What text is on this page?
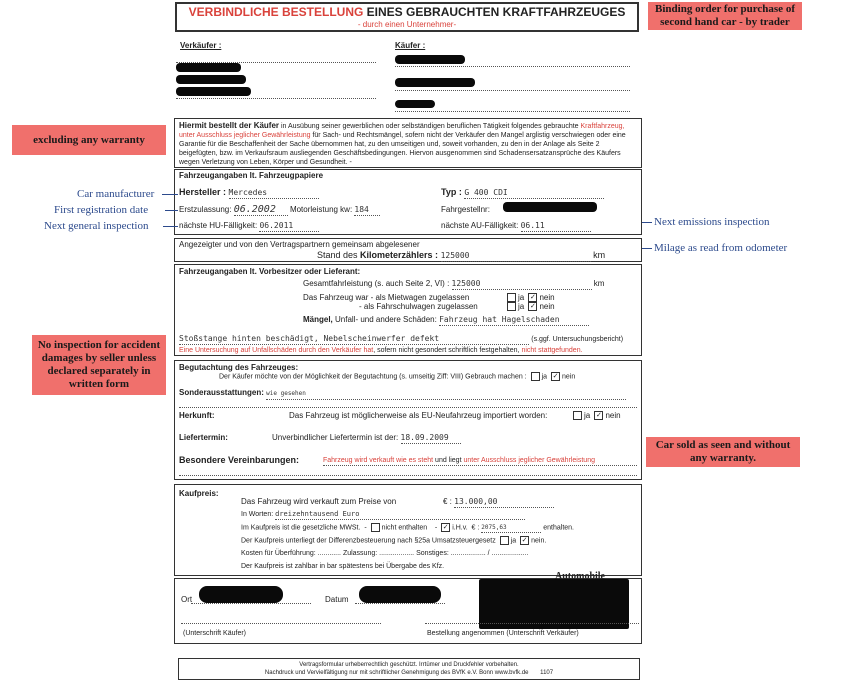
VERBINDLICHE BESTELLUNG EINES GEBRAUCHTEN KRAFTFAHRZEUGES
- durch einen Unternehmer-
Verkäufer :	Käufer :
Hiermit bestellt der Käufer in Ausübung seiner gewerblichen oder selbständigen beruflichen Tätigkeit folgendes gebrauchte Kraftfahrzeug, unter Ausschluss jeglicher Gewährleistung für Sach- und Rechtsmängel, sofern nicht der Verkäufer den Mangel arglistig verschwiegen oder eine Garantie für die Beschaffenheit der Sache übernommen hat, zu den umseitigen und, soweit vorhanden, zu den in der Anlage als Seite 2 beigefügten, bzw. im Verkaufsraum ausliegenden Geschäftsbedingungen. Hiervon ausgenommen sind Schadensersatzansprüche des Käufers wegen Verletzung von Leben, Körper und Gesundheit. -
Fahrzeugangaben lt. Fahrzeugpapiere
Hersteller : Mercedes	Typ : G 400 CDI
Erstzulassung: 06.2002 Motorleistung kw: 184	Fahrgestellnr:
nächste HU-Fälligkeit: 06.2011	nächste AU-Fälligkeit: 06.11
Angezeigter und von den Vertragspartnern gemeinsam abgelesener
Stand des Kilometerzählers : 125000	km
Fahrzeugangaben lt. Vorbesitzer oder Lieferant:
Gesamtfahrleistung (s. auch Seite 2, VI) : 125000	km
Das Fahrzeug war - als Mietwagen zugelassen	ja ✓ nein
- als Fahrschulwagen zugelassen	ja ✓ nein
Mängel, Unfall- und andere Schäden: Fahrzeug hat Hagelschaden
Stoßstange hinten beschädigt, Nebelscheinwerfer defekt	(s.ggf. Untersuchungsbericht)
Eine Untersuchung auf Unfallschäden durch den Verkäufer hat, sofern nicht gesondert schriftlich festgehalten, nicht stattgefunden.
Begutachtung des Fahrzeuges:
Der Käufer möchte von der Möglichkeit der Begutachtung (s. umseitig Ziff: VIII) Gebrauch machen : ja ✓ nein
Sonderausstattungen: wie gesehen
Herkunft:	Das Fahrzeug ist möglicherweise als EU-Neufahrzeug importiert worden:	ja ✓ nein
Liefertermin:	Unverbindlicher Liefertermin ist der: 18.09.2009
Besondere Vereinbarungen:	Fahrzeug wird verkauft wie es steht und liegt unter Ausschluss jeglicher Gewährleistung
Kaufpreis:
Das Fahrzeug wird verkauft zum Preise von	€ : 13.000,00
In Worten: dreizehntausend Euro
Im Kaufpreis ist die gesetzliche MWSt.  - nicht enthalten    - ✓ i.H.v. € : 2075,63	enthalten.
Der Kaufpreis unterliegt der Differenzbesteuerung nach §25a Umsatzsteuergesetz ja ✓ nein.
Kosten für Überführung: ............ Zulassung: .................. Sonstiges: .................. / ...................
Der Kaufpreis ist zahlbar in bar spätestens bei Übergabe des Kfz.
Ort	Datum
Automobile
(Unterschrift Käufer)	Bestellung angenommen (Unterschrift Verkäufer)
Vertragsformular urheberrechtlich geschützt. Irrtümer und Druckfehler vorbehalten.
Nachdruck und Vervielfältigung nur mit schriftlicher Genehmigung des BVfK e.V. Bonn www.bvfk.de 1107
Binding order for purchase of second hand car - by trader
excluding any warranty
Car manufacturer
First registration date
Next general inspection	Next emissions inspection
Milage as read from odometer
No inspection for accident damages by seller unless declared separately in written form
Car sold as seen and without any warranty.
